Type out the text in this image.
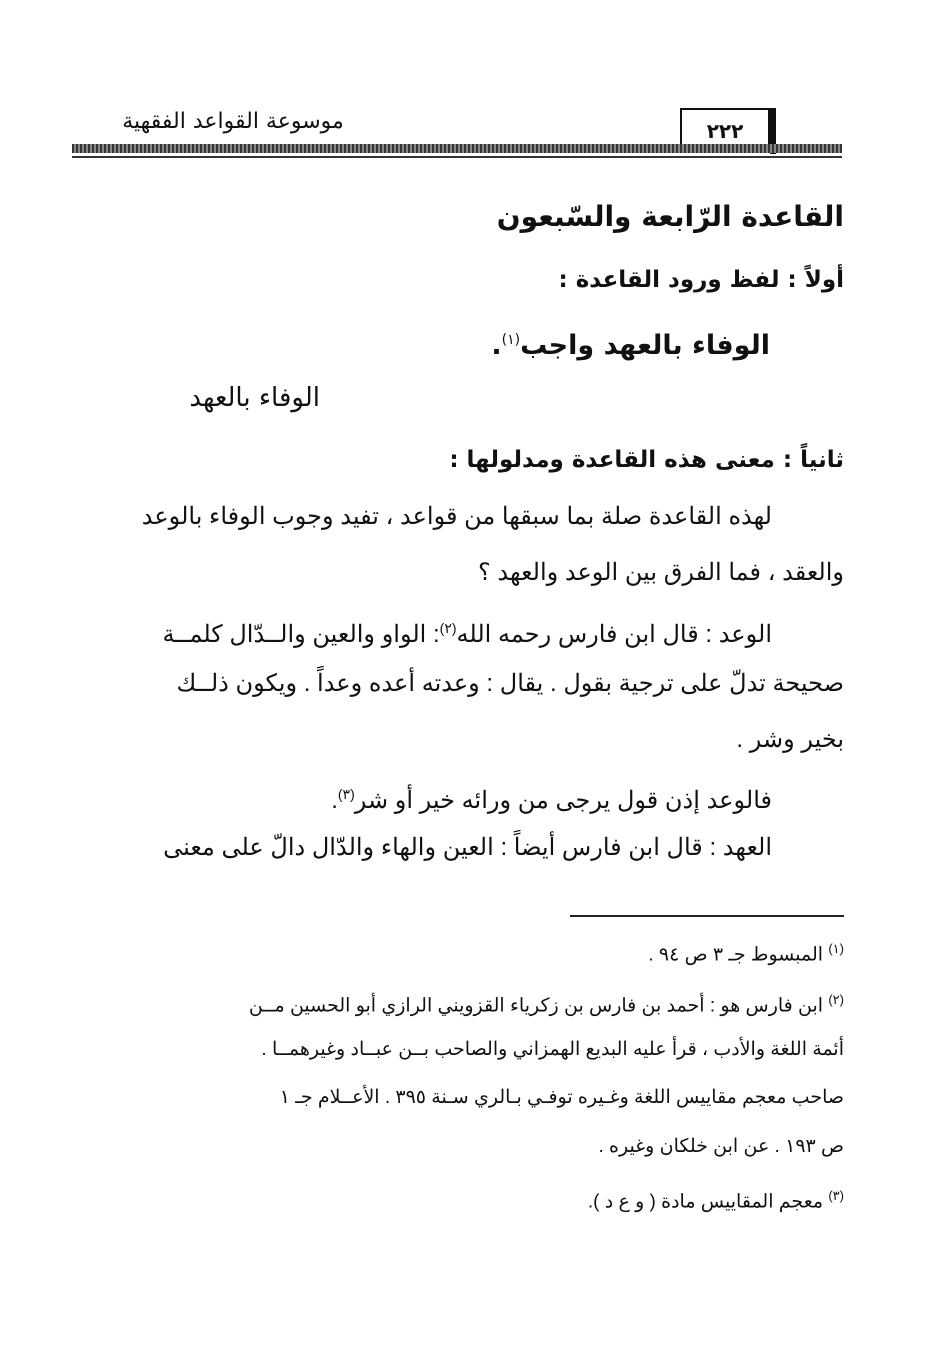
موسوعة القواعد الفقهية	٢٢٢
القاعدة الرّابعة والسّبعون
أولاً : لفظ ورود القاعدة :
الوفاء بالعهد واجب$^{(١)}$.
الوفاء بالعهد
ثانياً : معنى هذه القاعدة ومدلولها :
لهذه القاعدة صلة بما سبقها من قواعد ، تفيد وجوب الوفاء بالوعد
والعقد ، فما الفرق بين الوعد والعهد ؟
الوعد : قال ابن فارس رحمه الله$^{(٢)}$: الواو والعين والــدّال كلمــة
صحيحة تدلّ على ترجية بقول . يقال : وعدته أعده وعداً . ويكون ذلــك
بخير وشر .
فالوعد إذن قول يرجى من ورائه خير أو شر$^{(٣)}$.
العهد : قال ابن فارس أيضاً : العين والهاء والدّال دالّ على معنى
$^{(١)}$ المبسوط جـ ٣ ص ٩٤ .
$^{(٢)}$ ابن فارس هو : أحمد بن فارس بن زكرياء القزويني الرازي أبو الحسين مــن
أئمة اللغة والأدب ، قرأ عليه البديع الهمزاني والصاحب بــن عبــاد وغيرهمــا .
صاحب معجم مقاييس اللغة وغـيره توفـي بـالري سـنة ٣٩٥ . الأعــلام جـ ١
ص ١٩٣ . عن ابن خلكان وغيره .
$^{(٣)}$ معجم المقاييس مادة ( و ع د ).
